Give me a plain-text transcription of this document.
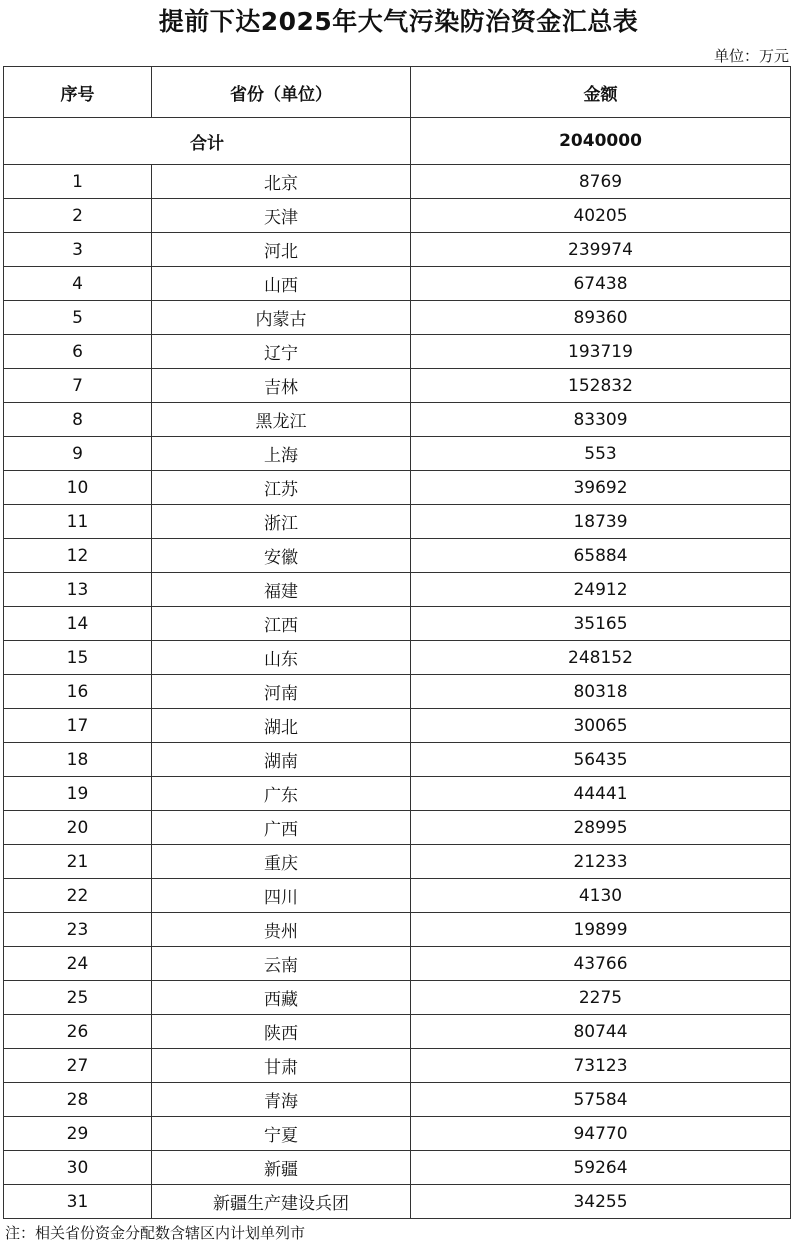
提前下达2025年大气污染防治资金汇总表
单位：万元
序号	省份（单位）	金额
合计		2040000
1	北京	8769
2	天津	40205
3	河北	239974
4	山西	67438
5	内蒙古	89360
6	辽宁	193719
7	吉林	152832
8	黑龙江	83309
9	上海	553
10	江苏	39692
11	浙江	18739
12	安徽	65884
13	福建	24912
14	江西	35165
15	山东	248152
16	河南	80318
17	湖北	30065
18	湖南	56435
19	广东	44441
20	广西	28995
21	重庆	21233
22	四川	4130
23	贵州	19899
24	云南	43766
25	西藏	2275
26	陕西	80744
27	甘肃	73123
28	青海	57584
29	宁夏	94770
30	新疆	59264
31	新疆生产建设兵团	34255
注：相关省份资金分配数含辖区内计划单列市
